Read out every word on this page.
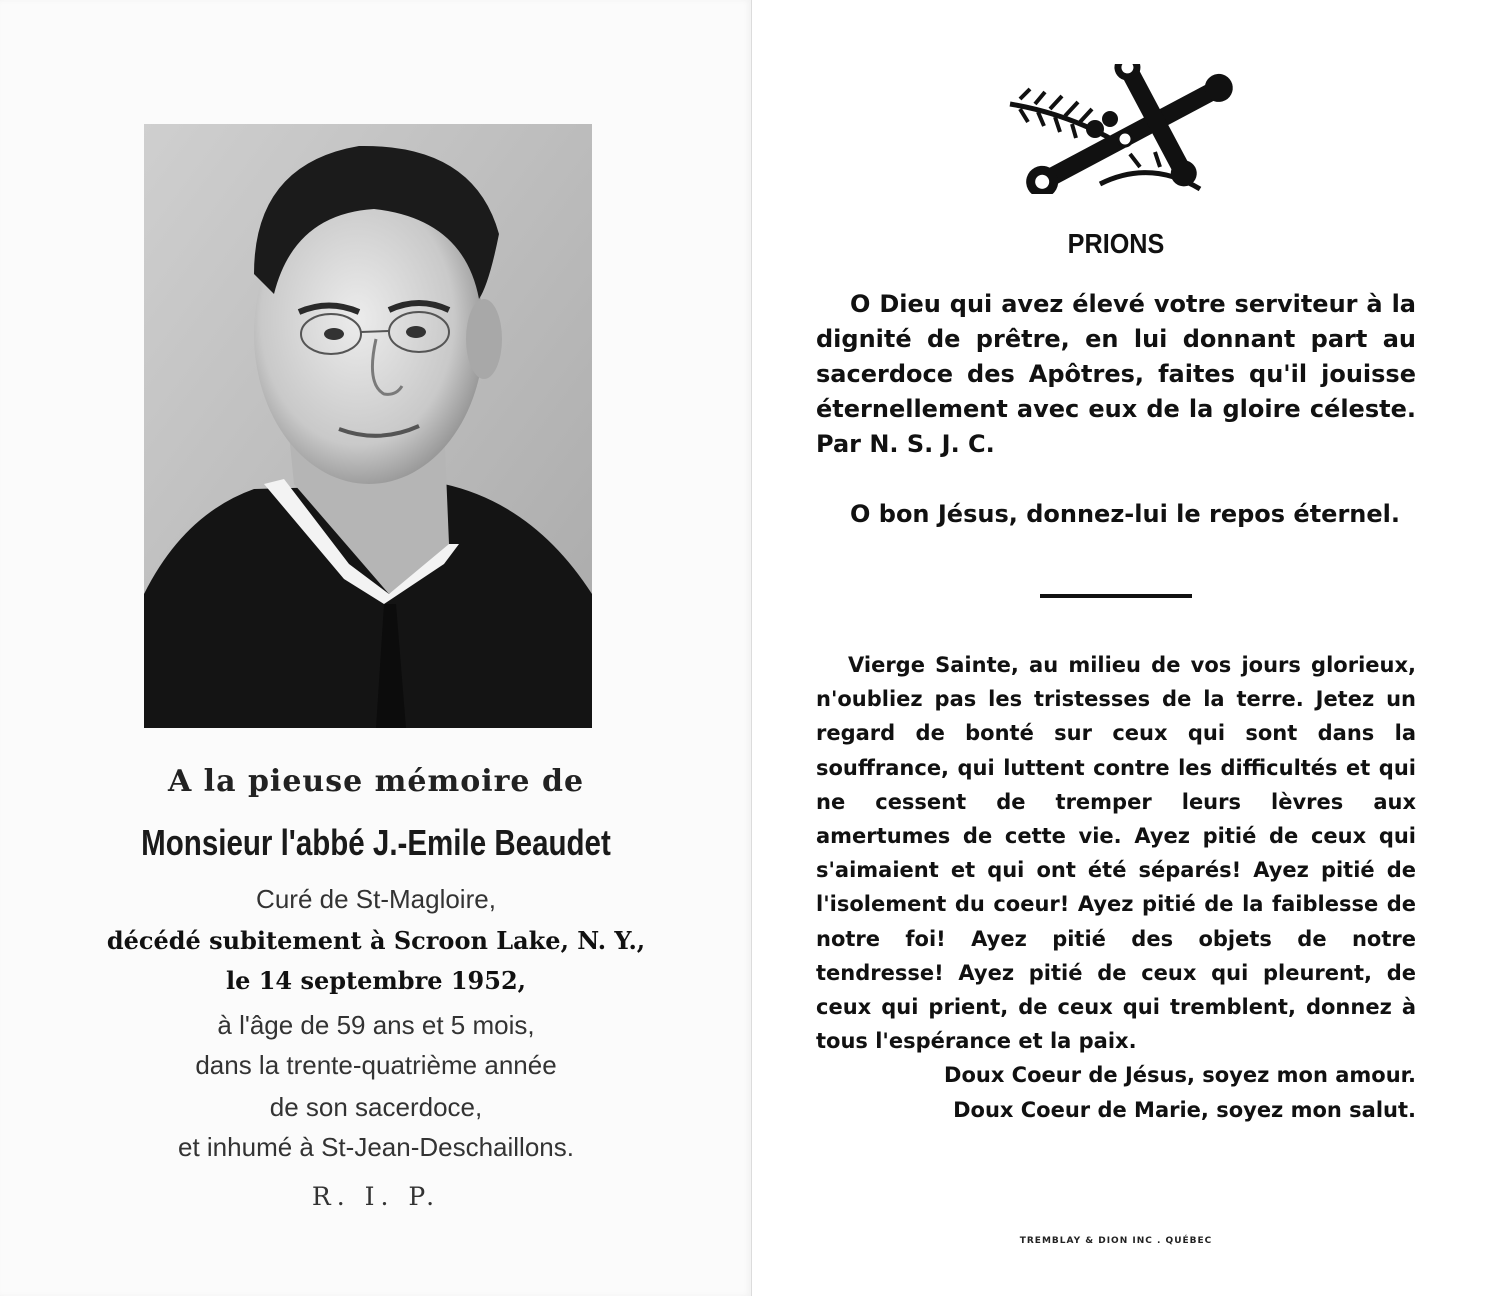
A la pieuse mémoire de
Monsieur l'abbé J.-Emile Beaudet
Curé de St-Magloire,
décédé subitement à Scroon Lake, N. Y.,
le 14 septembre 1952,
à l'âge de 59 ans et 5 mois,
dans la trente-quatrième année
de son sacerdoce,
et inhumé à St-Jean-Deschaillons.
R. I. P.
PRIONS

O Dieu qui avez élevé votre serviteur à la dignité de prêtre, en lui donnant part au sacerdoce des Apôtres, faites qu'il jouisse éternellement avec eux de la gloire céleste. Par N. S. J. C.

O bon Jésus, donnez-lui le repos éternel.

Vierge Sainte, au milieu de vos jours glorieux, n'oubliez pas les tristesses de la terre. Jetez un regard de bonté sur ceux qui sont dans la souffrance, qui luttent contre les difficultés et qui ne cessent de tremper leurs lèvres aux amertumes de cette vie. Ayez pitié de ceux qui s'aimaient et qui ont été séparés! Ayez pitié de l'isolement du coeur! Ayez pitié de la faiblesse de notre foi! Ayez pitié des objets de notre tendresse! Ayez pitié de ceux qui pleurent, de ceux qui prient, de ceux qui tremblent, donnez à tous l'espérance et la paix.

Doux Coeur de Jésus, soyez mon amour.

Doux Coeur de Marie, soyez mon salut.

TREMBLAY & DION INC . QUÉBEC
